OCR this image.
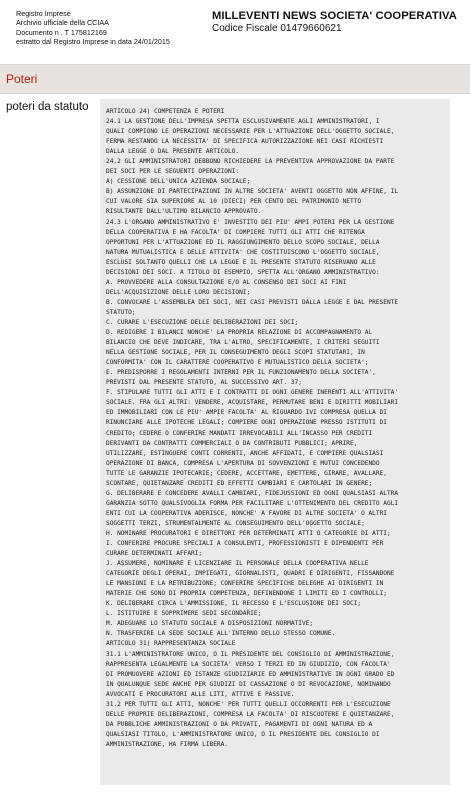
Registro Imprese
Archivio ufficiale della CCIAA
Documento n . T 175812169
estratto dal Registro Imprese in data 24/01/2015
MILLEVENTI NEWS SOCIETA' COOPERATIVA
Codice Fiscale 01479660621
Poteri
poteri da statuto	ARTICOLO 24) COMPETENZA E POTERI
24.1 LA GESTIONE DELL'IMPRESA SPETTA ESCLUSIVAMENTE AGLI AMMINISTRATORI, I
QUALI COMPIONO LE OPERAZIONI NECESSARIE PER L'ATTUAZIONE DELL'OGGETTO SOCIALE,
FERMA RESTANDO LA NECESSITA' DI SPECIFICA AUTORIZZAZIONE NEI CASI RICHIESTI
DALLA LEGGE O DAL PRESENTE ARTICOLO.
24.2 GLI AMMINISTRATORI DEBBONO RICHIEDERE LA PREVENTIVA APPROVAZIONE DA PARTE
DEI SOCI PER LE SEGUENTI OPERAZIONI:
A) CESSIONE DELL'UNICA AZIENDA SOCIALE;
B) ASSUNZIONE DI PARTECIPAZIONI IN ALTRE SOCIETA' AVENTI OGGETTO NON AFFINE, IL
CUI VALORE SIA SUPERIORE AL 10 (DIECI) PER CENTO DEL PATRIMONIO NETTO
RISULTANTE DALL'ULTIMO BILANCIO APPROVATO.
24.3 L'ORGANO AMMINISTRATIVO E' INVESTITO DEI PIU' AMPI POTERI PER LA GESTIONE
DELLA COOPERATIVA E HA FACOLTA' DI COMPIERE TUTTI GLI ATTI CHE RITENGA
OPPORTUNI PER L'ATTUAZIONE ED IL RAGGIUNGIMENTO DELLO SCOPO SOCIALE, DELLA
NATURA MUTUALISTICA E DELLE ATTIVITA' CHE COSTITUISCONO L'OGGETTO SOCIALE,
ESCLUSI SOLTANTO QUELLI CHE LA LEGGE E IL PRESENTE STATUTO RISERVANO ALLE
DECISIONI DEI SOCI. A TITOLO DI ESEMPIO, SPETTA ALL'ORGANO AMMINISTRATIVO:
A. PROVVEDERE ALLA CONSULTAZIONE E/O AL CONSENSO DEI SOCI AI FINI
DELL'ACQUISIZIONE DELLE LORO DECISIONI;
B. CONVOCARE L'ASSEMBLEA DEI SOCI, NEI CASI PREVISTI DALLA LEGGE E DAL PRESENTE
STATUTO;
C. CURARE L'ESECUZIONE DELLE DELIBERAZIONI DEI SOCI;
D. REDIGERE I BILANCI NONCHE' LA PROPRIA RELAZIONE DI ACCOMPAGNAMENTO AL
BILANCIO CHE DEVE INDICARE, TRA L'ALTRO, SPECIFICAMENTE, I CRITERI SEGUITI
NELLA GESTIONE SOCIALE, PER IL CONSEGUIMENTO DEGLI SCOPI STATUTARI, IN
CONFORMITA' CON IL CARATTERE COOPERATIVO E MUTUALISTICO DELLA SOCIETA';
E. PREDISPORRE I REGOLAMENTI INTERNI PER IL FUNZIONAMENTO DELLA SOCIETA',
PREVISTI DAL PRESENTE STATUTO, AL SUCCESSIVO ART. 37;
F. STIPULARE TUTTI GLI ATTI E I CONTRATTI DI OGNI GENERE INERENTI ALL'ATTIVITA'
SOCIALE. FRA GLI ALTRI: VENDERE, ACQUISTARE, PERMUTARE BENI E DIRITTI MOBILIARI
ED IMMOBILIARI CON LE PIU' AMPIE FACOLTA' AL RIGUARDO IVI COMPRESA QUELLA DI
RINUNCIARE ALLE IPOTECHE LEGALI; COMPIERE OGNI OPERAZIONE PRESSO ISTITUTI DI
CREDITO; CEDERE O CONFERIRE MANDATI IRREVOCABILI ALL'INCASSO PER CREDITI
DERIVANTI DA CONTRATTI COMMERCIALI O DA CONTRIBUTI PUBBLICI; APRIRE,
UTILIZZARE, ESTINGUERE CONTI CORRENTI, ANCHE AFFIDATI, E COMPIERE QUALSIASI
OPERAZIONE DI BANCA, COMPRESA L'APERTURA DI SOVVENZIONI E MUTUI CONCEDENDO
TUTTE LE GARANZIE IPOTECARIE; CEDERE, ACCETTARE, EMETTERE, GIRARE, AVALLARE,
SCONTARE, QUIETANZARE CREDITI ED EFFETTI CAMBIARI E CARTOLARI IN GENERE;
G. DELIBERARE E CONCEDERE AVALLI CAMBIARI, FIDEJUSSIONI ED OGNI QUALSIASI ALTRA
GARANZIA SOTTO QUALSIVOGLIA FORMA PER FACILITARE L'OTTENIMENTO DEL CREDITO AGLI
ENTI CUI LA COOPERATIVA ADERISCE, NONCHE' A FAVORE DI ALTRE SOCIETA' O ALTRI
SOGGETTI TERZI, STRUMENTALMENTE AL CONSEGUIMENTO DELL'OGGETTO SOCIALE;
H. NOMINARE PROCURATORI E DIRETTORI PER DETERMINATI ATTI O CATEGORIE DI ATTI;
I. CONFERIRE PROCURE SPECIALI A CONSULENTI, PROFESSIONISTI E DIPENDENTI PER
CURARE DETERMINATI AFFARI;
J. ASSUMERE, NOMINARE E LICENZIARE IL PERSONALE DELLA COOPERATIVA NELLE
CATEGORIE DEGLI OPERAI, IMPIEGATI, GIORNALISTI, QUADRI E DIRIGENTI, FISSANDONE
LE MANSIONI E LA RETRIBUZIONE; CONFERIRE SPECIFICHE DELEGHE AI DIRIGENTI IN
MATERIE CHE SONO DI PROPRIA COMPETENZA, DEFINENDONE I LIMITI ED I CONTROLLI;
K. DELIBERARE CIRCA L'AMMISSIONE, IL RECESSO E L'ESCLUSIONE DEI SOCI;
L. ISTITUIRE E SOPPRIMERE SEDI SECONDARIE;
M. ADEGUARE LO STATUTO SOCIALE A DISPOSIZIONI NORMATIVE;
N. TRASFERIRE LA SEDE SOCIALE ALL'INTERNO DELLO STESSO COMUNE.
ARTICOLO 31) RAPPRESENTANZA SOCIALE
31.1 L'AMMINISTRATORE UNICO, O IL PRESIDENTE DEL CONSIGLIO DI AMMINISTRAZIONE,
RAPPRESENTA LEGALMENTE LA SOCIETA' VERSO I TERZI ED IN GIUDIZIO, CON FACOLTA'
DI PROMUOVERE AZIONI ED ISTANZE GIUDIZIARIE ED AMMINISTRATIVE IN OGNI GRADO ED
IN QUALUNQUE SEDE ANCHE PER GIUDIZI DI CASSAZIONE O DI REVOCAZIONE, NOMINANDO
AVVOCATI E PROCURATORI ALLE LITI, ATTIVE E PASSIVE.
31.2 PER TUTTI GLI ATTI, NONCHE' PER TUTTI QUELLI OCCORRENTI PER L'ESECUZIONE
DELLE PROPRIE DELIBERAZIONI, COMPRESA LA FACOLTA' DI RISCUOTERE E QUIETANZARE,
DA PUBBLICHE AMMINISTRAZIONI O DA PRIVATI, PAGAMENTI DI OGNI NATURA ED A
QUALSIASI TITOLO, L'AMMINISTRATORE UNICO, O IL PRESIDENTE DEL CONSIGLIO DI
AMMINISTRAZIONE, HA FIRMA LIBERA.
